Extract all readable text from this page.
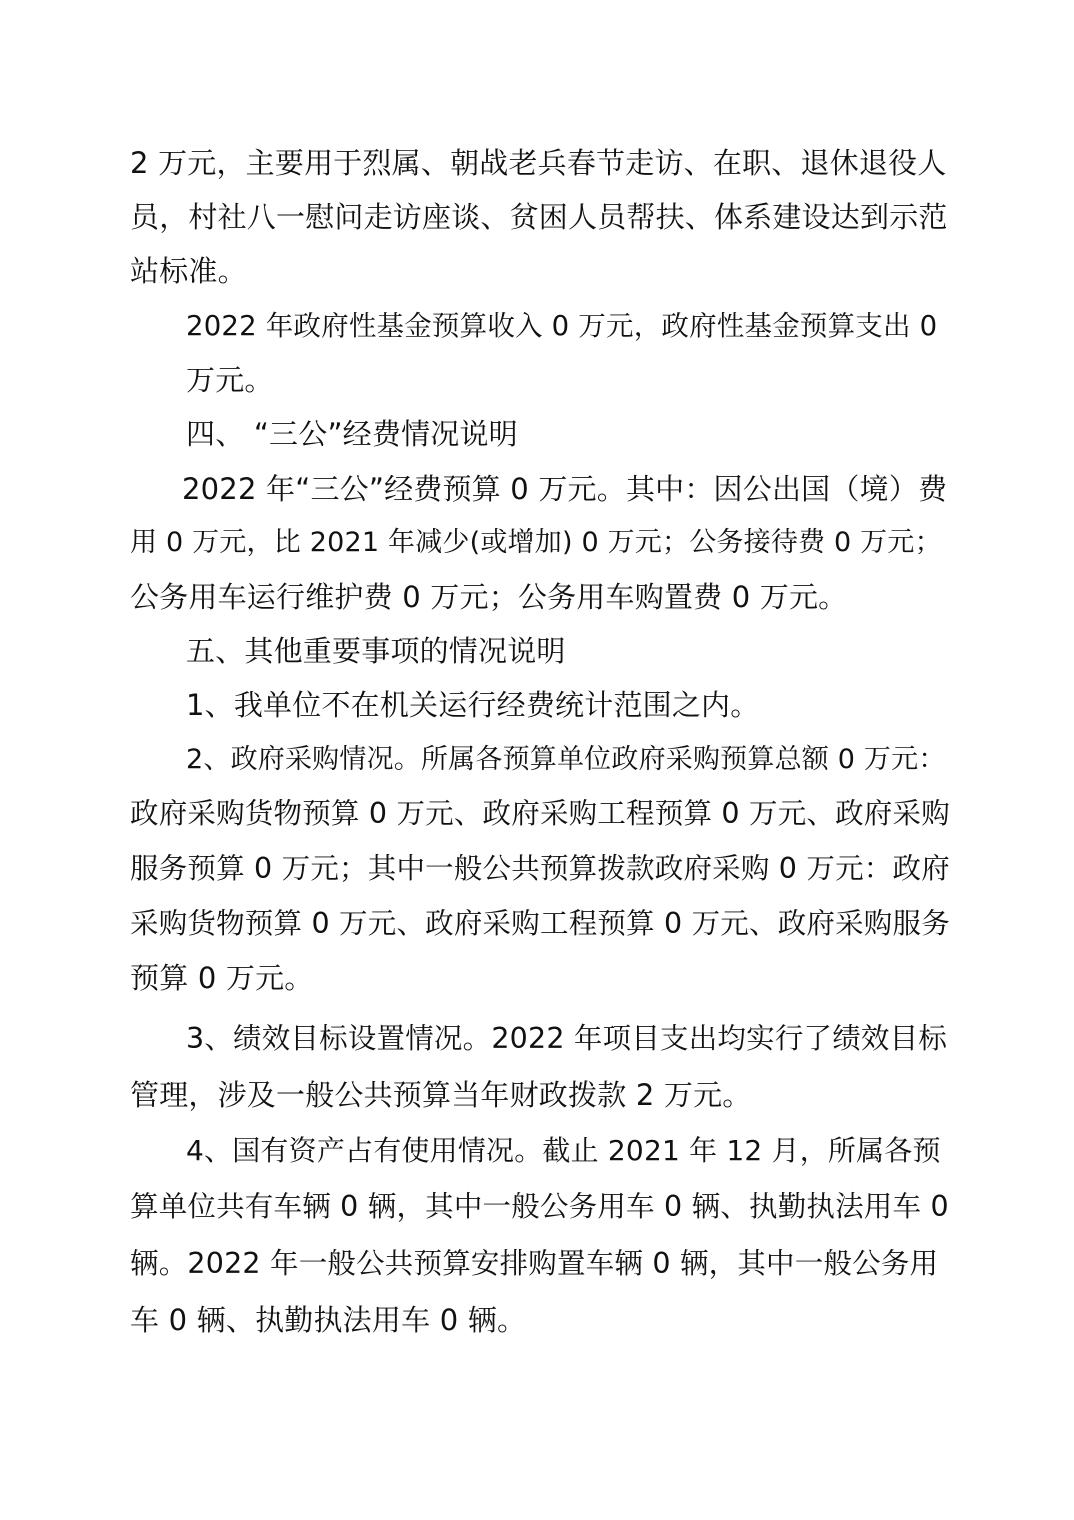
2 万元，主要用于烈属、朝战老兵春节走访、在职、退休退役人
员，村社八一慰问走访座谈、贫困人员帮扶、体系建设达到示范
站标准。
2022 年政府性基金预算收入 0 万元，政府性基金预算支出 0
万元。
四、 “三公”经费情况说明
2022 年“三公”经费预算 0 万元。其中：因公出国（境）费
用 0 万元，比 2021 年减少(或增加) 0 万元；公务接待费 0 万元；
公务用车运行维护费 0 万元；公务用车购置费 0 万元。
五、其他重要事项的情况说明
1、我单位不在机关运行经费统计范围之内。
2、政府采购情况。所属各预算单位政府采购预算总额 0 万元：
政府采购货物预算 0 万元、政府采购工程预算 0 万元、政府采购
服务预算 0 万元；其中一般公共预算拨款政府采购 0 万元：政府
采购货物预算 0 万元、政府采购工程预算 0 万元、政府采购服务
预算 0 万元。
3、绩效目标设置情况。2022 年项目支出均实行了绩效目标
管理，涉及一般公共预算当年财政拨款 2 万元。
4、国有资产占有使用情况。截止 2021 年 12 月，所属各预
算单位共有车辆 0 辆，其中一般公务用车 0 辆、执勤执法用车 0
辆。2022 年一般公共预算安排购置车辆 0 辆，其中一般公务用
车 0 辆、执勤执法用车 0 辆。
